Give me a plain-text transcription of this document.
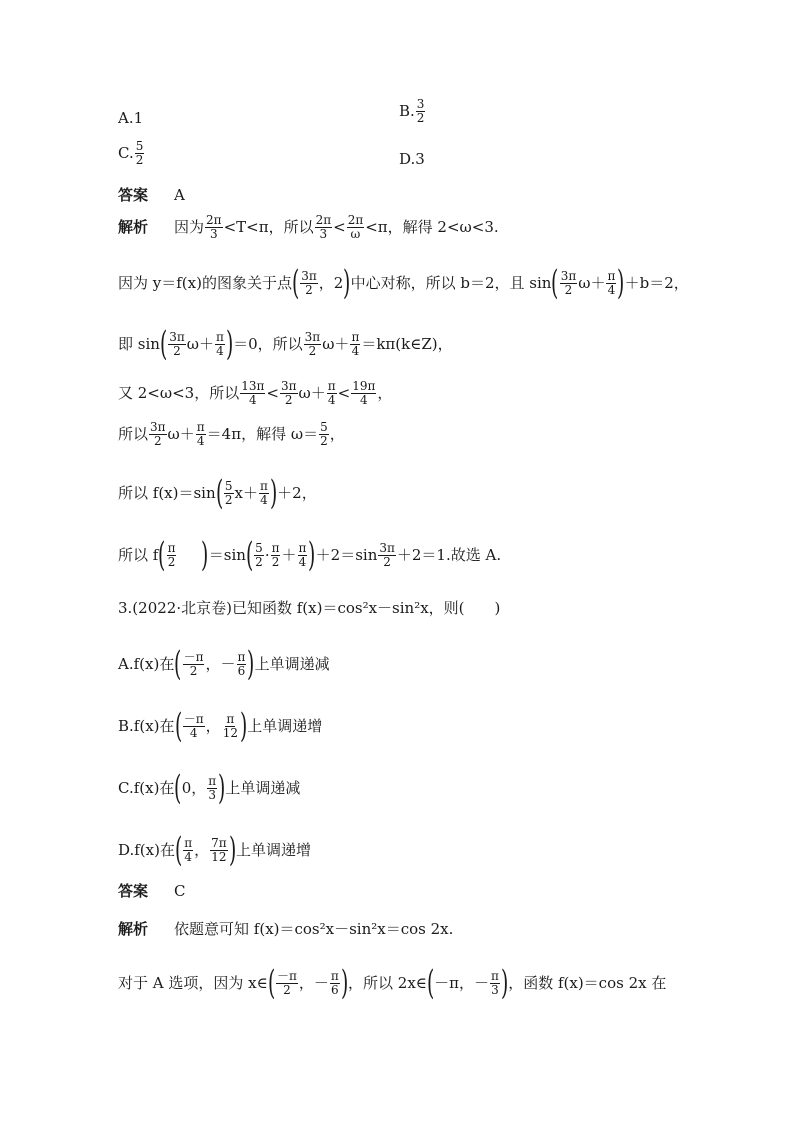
A.1	B. $\frac{3}{2}$
C. $\frac{5}{2}$	D.3
答案 A
解析 因为 $\frac{2\pi}{3} <T<\pi$，所以 $\frac{2\pi}{3} < \frac{2\pi}{\omega} <\pi$，解得 2<ω<3.
因为 y＝f(x)的图象关于点 ( $\frac{3\pi}{2}$ ，2 ) 中心对称，所以 b＝2，且 sin ( $\frac{3\pi}{2} \omega+ \frac{\pi}{4}$ ) ＋b＝2，
即 sin ( $\frac{3\pi}{2} \omega+ \frac{\pi}{4}$ ) ＝0，所以 $\frac{3\pi}{2} \omega+ \frac{\pi}{4}$ ＝kπ(k∈Z)，
又 2<ω<3，所以 $\frac{13\pi}{4} < \frac{3\pi}{2} \omega+ \frac{\pi}{4} < \frac{19\pi}{4}$ ，
所以 $\frac{3\pi}{2} \omega+ \frac{\pi}{4} =4\pi$，解得 $\omega= \frac{5}{2}$ ，
所以 f(x)＝sin ( $\frac{5}{2} x+ \frac{\pi}{4}$ ) ＋2，
所以 f ( $\frac{\pi}{2}$ ) ＝sin ( $\frac{5}{2} \cdot \frac{\pi}{2} + \frac{\pi}{4}$ ) $+2=\sin \frac{3\pi}{2} +2=1$.故选 A.
3.(2022·北京卷)已知函数 f(x)＝cos²x－sin²x，则(　　)
A.f(x)在 ( $\frac{-\pi}{2}$ ，－ $\frac{\pi}{6}$ ) 上单调递减
B.f(x)在 ( $\frac{-\pi}{4}$ ， $\frac{\pi}{12}$ ) 上单调递增
C.f(x)在 ( 0， $\frac{\pi}{3}$ ) 上单调递减
D.f(x)在 ( $\frac{\pi}{4}$ ， $\frac{7\pi}{12}$ ) 上单调递增
答案 C
解析 依题意可知 f(x)＝cos²x－sin²x＝cos 2x.
对于 A 选项，因为 x∈ ( $\frac{-\pi}{2}$ ，－ $\frac{\pi}{6}$ ) ，所以 2x∈ ( －π，－ $\frac{\pi}{3}$ ) ，函数 f(x)＝cos 2x 在
